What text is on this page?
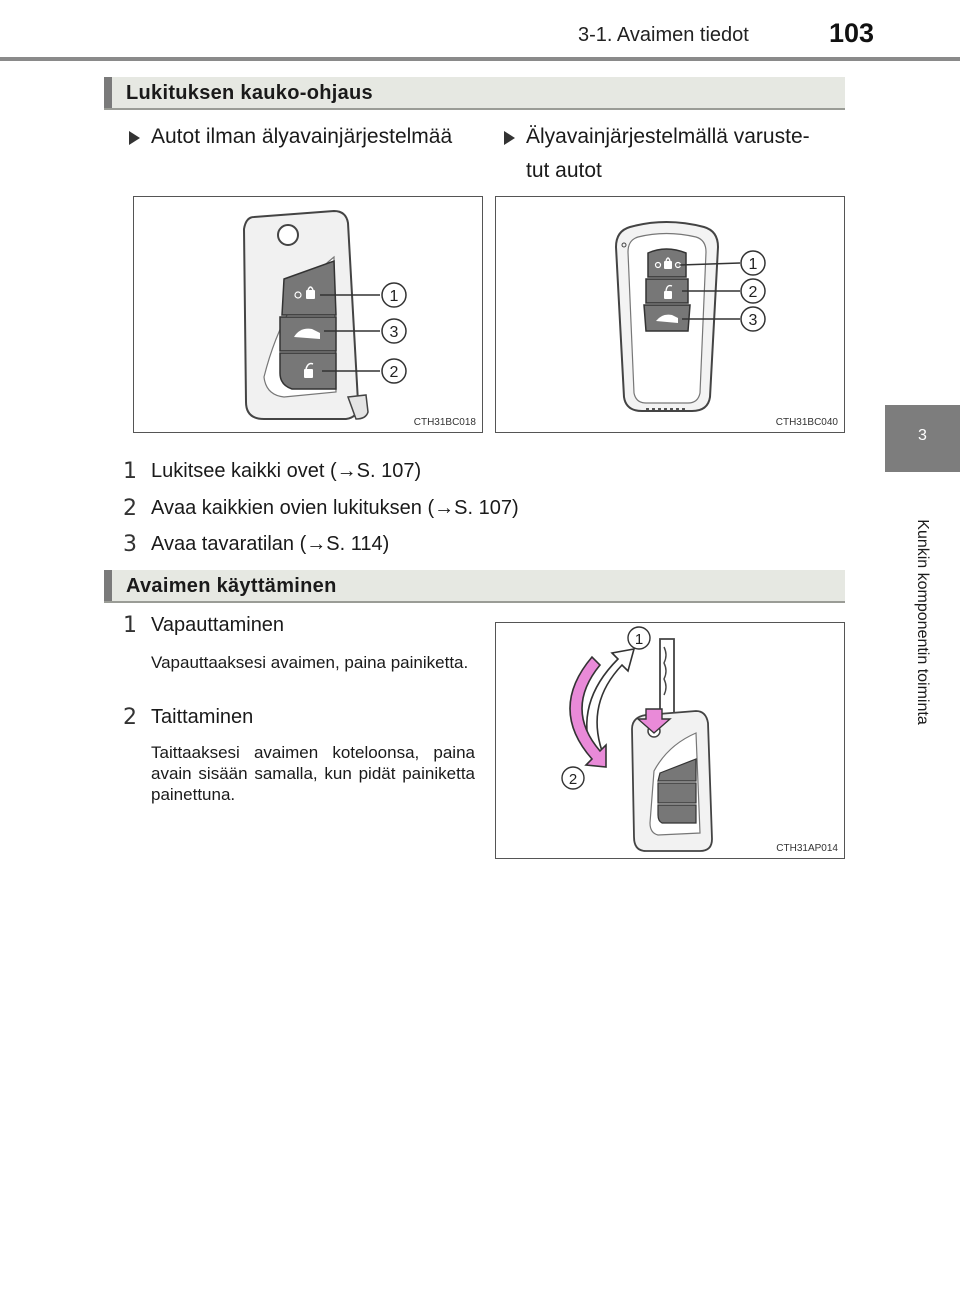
3-1. Avaimen tiedot	103
3
Kunkin komponentin toiminta
Lukituksen kauko-ohjaus
Autot ilman älyavainjärjestelmää	Älyavainjärjestelmällä varuste-
tut autot
1
3
2
CTH31BC018
1
2
3
CTH31BC040
1 Lukitsee kaikki ovet (→S. 107)
2 Avaa kaikkien ovien lukituksen (→S. 107)
3 Avaa tavaratilan (→S. 114)
Avaimen käyttäminen
1 Vapauttaminen
Vapauttaaksesi avaimen, paina painiketta.
2 Taittaminen
Taittaaksesi avaimen koteloonsa, paina avain sisään samalla, kun pidät painiketta painettuna.
1
2
CTH31AP014
